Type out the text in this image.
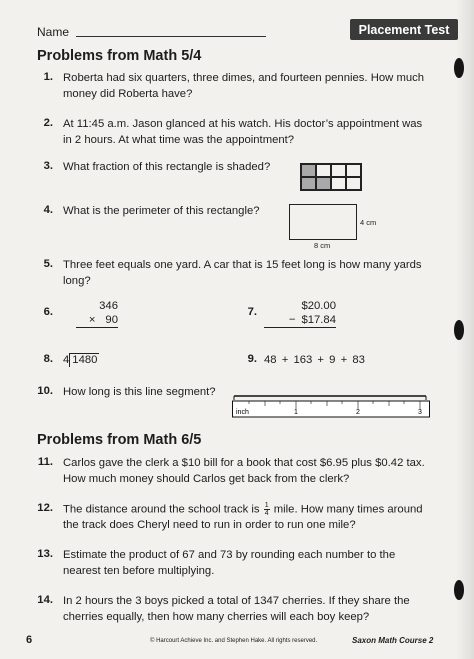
Name	Placement Test
Problems from Math 5/4
1. Roberta had six quarters, three dimes, and fourteen pennies. How much
money did Roberta have?
2. At 11:45 a.m. Jason glanced at his watch. His doctor’s appointment was
in 2 hours. At what time was the appointment?
3. What fraction of this rectangle is shaded?
4. What is the perimeter of this rectangle?
4 cm
8 cm
5. Three feet equals one yard. A car that is 15 feet long is how many yards
long?
6.	346
× 90
7.	$20.00
− $17.84
8. 4 1480	9. 48 + 163 + 9 + 83
10. How long is this line segment?
inch	1	2	3
Problems from Math 6/5
11. Carlos gave the clerk a $10 bill for a book that cost $6.95 plus $0.42 tax.
How much money should Carlos get back from the clerk?
12. The distance around the school track is $\frac{1}{4}$ mile. How many times around
the track does Cheryl need to run in order to run one mile?
13. Estimate the product of 67 and 73 by rounding each number to the
nearest ten before multiplying.
14. In 2 hours the 3 boys picked a total of 1347 cherries. If they share the
cherries equally, then how many cherries will each boy keep?
6	© Harcourt Achieve Inc. and Stephen Hake. All rights reserved.	Saxon Math Course 2
